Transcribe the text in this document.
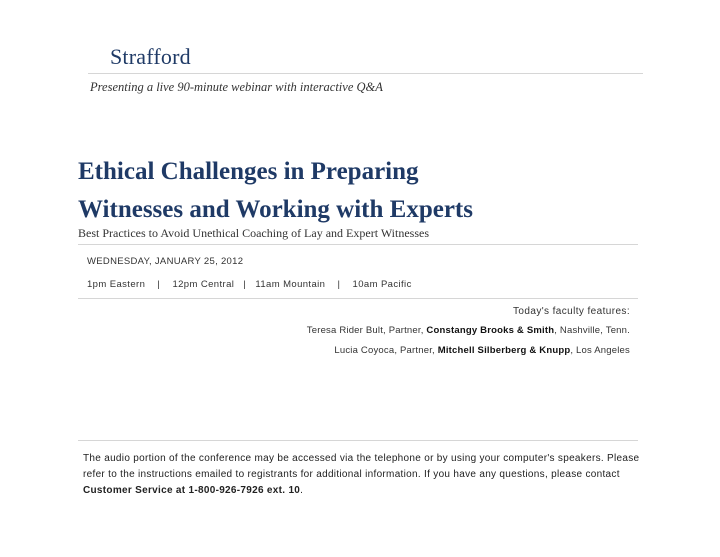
Strafford
Presenting a live 90-minute webinar with interactive Q&A
Ethical Challenges in Preparing
Witnesses and Working with Experts
Best Practices to Avoid Unethical Coaching of Lay and Expert Witnesses
WEDNESDAY, JANUARY 25, 2012
1pm Eastern    |    12pm Central   |   11am Mountain    |    10am Pacific
Today's faculty features:
Teresa Rider Bult, Partner, Constangy Brooks & Smith, Nashville, Tenn.
Lucia Coyoca, Partner, Mitchell Silberberg & Knupp, Los Angeles
The audio portion of the conference may be accessed via the telephone or by using your computer's speakers. Please refer to the instructions emailed to registrants for additional information. If you have any questions, please contact Customer Service at 1-800-926-7926 ext. 10.
